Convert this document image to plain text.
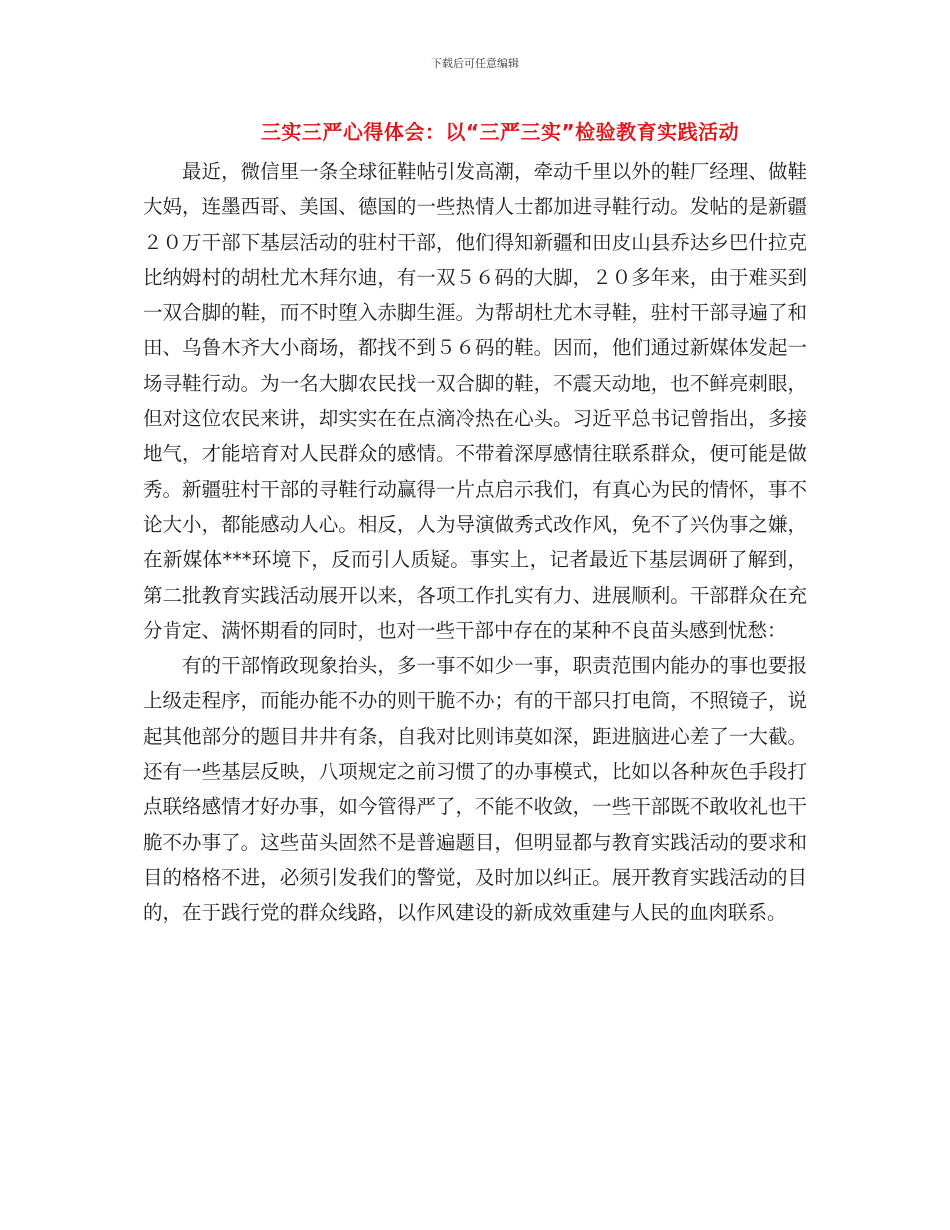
下载后可任意编辑
三实三严心得体会：以“三严三实”检验教育实践活动

最近，微信里一条全球征鞋帖引发高潮，牵动千里以外的鞋厂经理、做鞋大妈，连墨西哥、美国、德国的一些热情人士都加进寻鞋行动。发帖的是新疆２０万干部下基层活动的驻村干部，他们得知新疆和田皮山县乔达乡巴什拉克比纳姆村的胡杜尤木拜尔迪，有一双５６码的大脚，２０多年来，由于难买到一双合脚的鞋，而不时堕入赤脚生涯。为帮胡杜尤木寻鞋，驻村干部寻遍了和田、乌鲁木齐大小商场，都找不到５６码的鞋。因而，他们通过新媒体发起一场寻鞋行动。为一名大脚农民找一双合脚的鞋，不震天动地，也不鲜亮刺眼，但对这位农民来讲，却实实在在点滴冷热在心头。习近平总书记曾指出，多接地气，才能培育对人民群众的感情。不带着深厚感情往联系群众，便可能是做秀。新疆驻村干部的寻鞋行动赢得一片点启示我们，有真心为民的情怀，事不论大小，都能感动人心。相反，人为导演做秀式改作风，免不了兴伪事之嫌，在新媒体***环境下，反而引人质疑。事实上，记者最近下基层调研了解到，第二批教育实践活动展开以来，各项工作扎实有力、进展顺利。干部群众在充分肯定、满怀期看的同时，也对一些干部中存在的某种不良苗头感到忧愁：

有的干部惰政现象抬头，多一事不如少一事，职责范围内能办的事也要报上级走程序，而能办能不办的则干脆不办；有的干部只打电筒，不照镜子，说起其他部分的题目井井有条，自我对比则讳莫如深，距进脑进心差了一大截。还有一些基层反映，八项规定之前习惯了的办事模式，比如以各种灰色手段打点联络感情才好办事，如今管得严了，不能不收敛，一些干部既不敢收礼也干脆不办事了。这些苗头固然不是普遍题目，但明显都与教育实践活动的要求和目的格格不进，必须引发我们的警觉，及时加以纠正。展开教育实践活动的目的，在于践行党的群众线路，以作风建设的新成效重建与人民的血肉联系。
